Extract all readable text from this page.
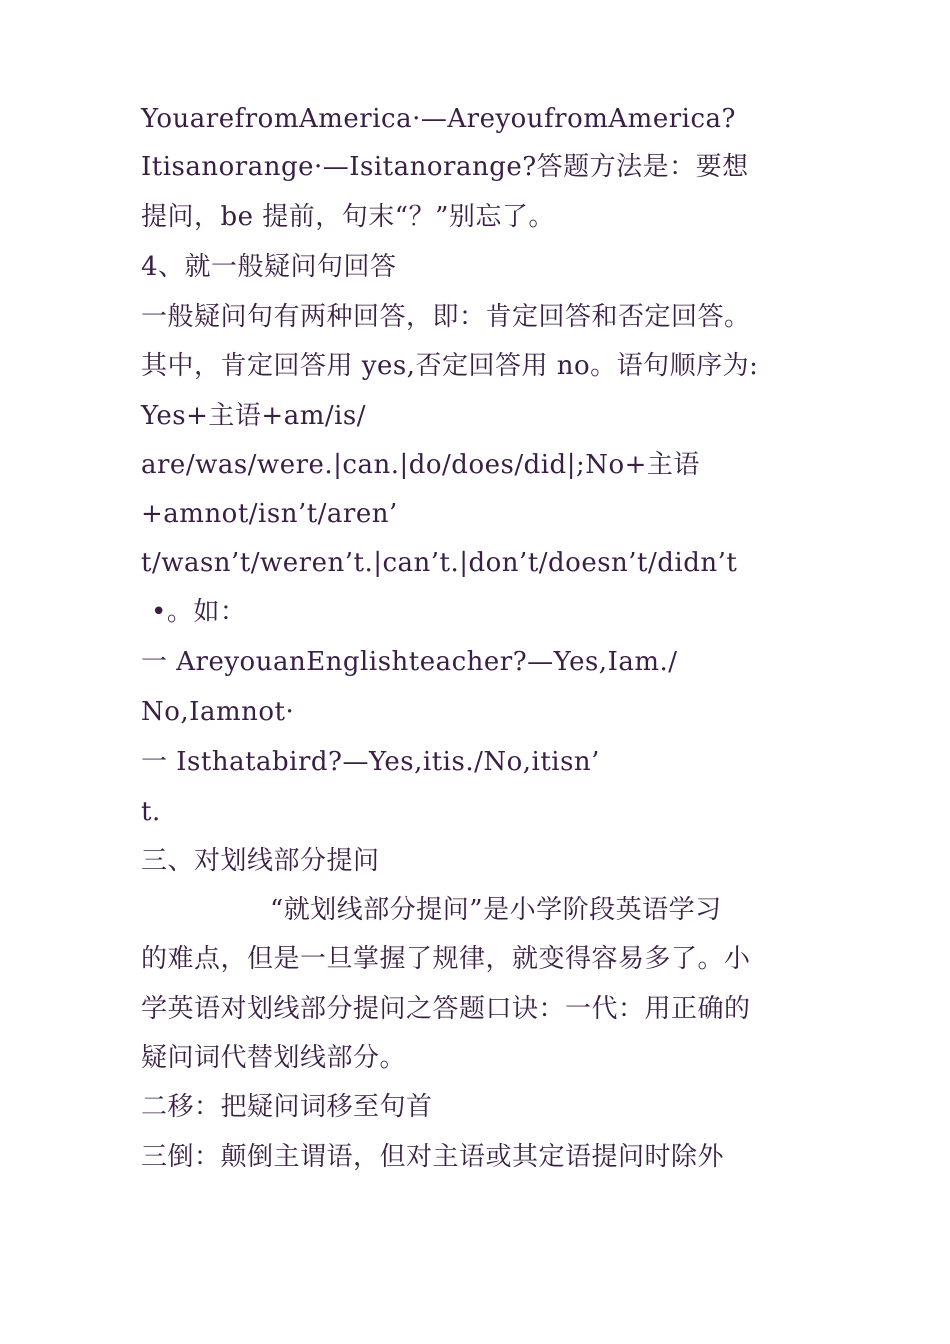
YouarefromAmerica·—AreyoufromAmerica?

Itisanorange·—Isitanorange?答题方法是：要想

提问，be 提前，句末“？”别忘了。

4、就一般疑问句回答

一般疑问句有两种回答，即：肯定回答和否定回答。

其中，肯定回答用 yes,否定回答用 no。语句顺序为:

Yes+主语+am/is/

are/was/were.|can.|do/does/did|;No+主语

+amnot/isn’t/aren’

t/wasn’t/weren’t.|can’t.|don’t/doesn’t/didn’t

•。如：

一 AreyouanEnglishteacher?—Yes,Iam./

No,Iamnot·

一 Isthatabird?—Yes,itis./No,itisn’

t.

三、对划线部分提问

“就划线部分提问”是小学阶段英语学习

的难点，但是一旦掌握了规律，就变得容易多了。小

学英语对划线部分提问之答题口诀：一代：用正确的

疑问词代替划线部分。

二移：把疑问词移至句首

三倒：颠倒主谓语，但对主语或其定语提问时除外
